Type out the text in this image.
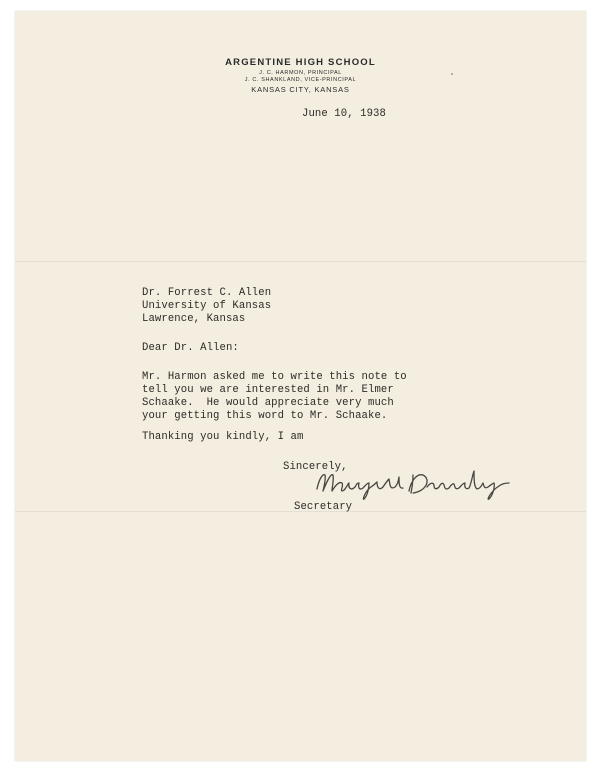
ARGENTINE HIGH SCHOOL
J. C. HARMON, PRINCIPAL
J. C. SHANKLAND, VICE-PRINCIPAL
KANSAS CITY, KANSAS
June 10, 1938
Dr. Forrest C. Allen
University of Kansas
Lawrence, Kansas
Dear Dr. Allen:
Mr. Harmon asked me to write this note to
tell you we are interested in Mr. Elmer
Schaake.  He would appreciate very much
your getting this word to Mr. Schaake.
Thanking you kindly, I am
Sincerely,
Secretary
